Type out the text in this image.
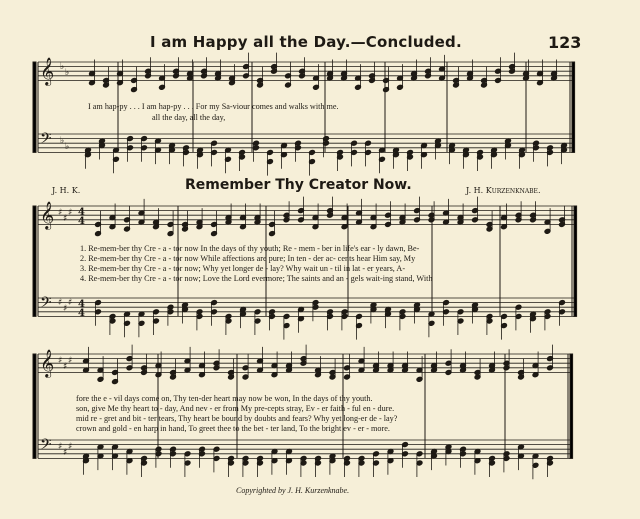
I am Happy all the Day.—Concluded.	123
𝄞
𝄢
𝄞
𝄢
𝄞
𝄢
♭
♭
♭
♭
♯
♯
♯
♯
♯
♯
♯
♯
♯
♯
♯
♯
4
4
4
4
I am hap-py . . . I am hap-py . . . For my Sa-viour comes and walks with me.
all the day, all the day,
Remember Thy Creator Now.
J. H. K.	J. H. Kurzenknabe.
1. Re-mem-ber thy Cre - a - tor now In the days of thy youth; Re - mem - ber in life's ear - ly dawn, Be-
2. Re-mem-ber thy Cre - a - tor now While affections are pure; In ten - der ac- cents hear Him say, My
3. Re-mem-ber thy Cre - a - tor now; Why yet longer de - lay? Why wait un - til in lat - er years, A-
4. Re-mem-ber thy Cre - a - tor now; Love the Lord evermore; The saints and an - gels wait-ing stand, With
fore the e - vil days come on, Thy ten-der heart may now be won, In the days of thy youth.
son, give Me thy heart to - day, And nev - er from My pre-cepts stray, Ev - er faith - ful en - dure.
mid re - gret and bit - ter tears, Thy heart be bound by doubts and fears? Why yet long-er de - lay?
crown and gold - en harp in hand, To greet thee to the bet - ter land, To the bright ev - er - more.
Copyrighted by J. H. Kurzenknabe.
